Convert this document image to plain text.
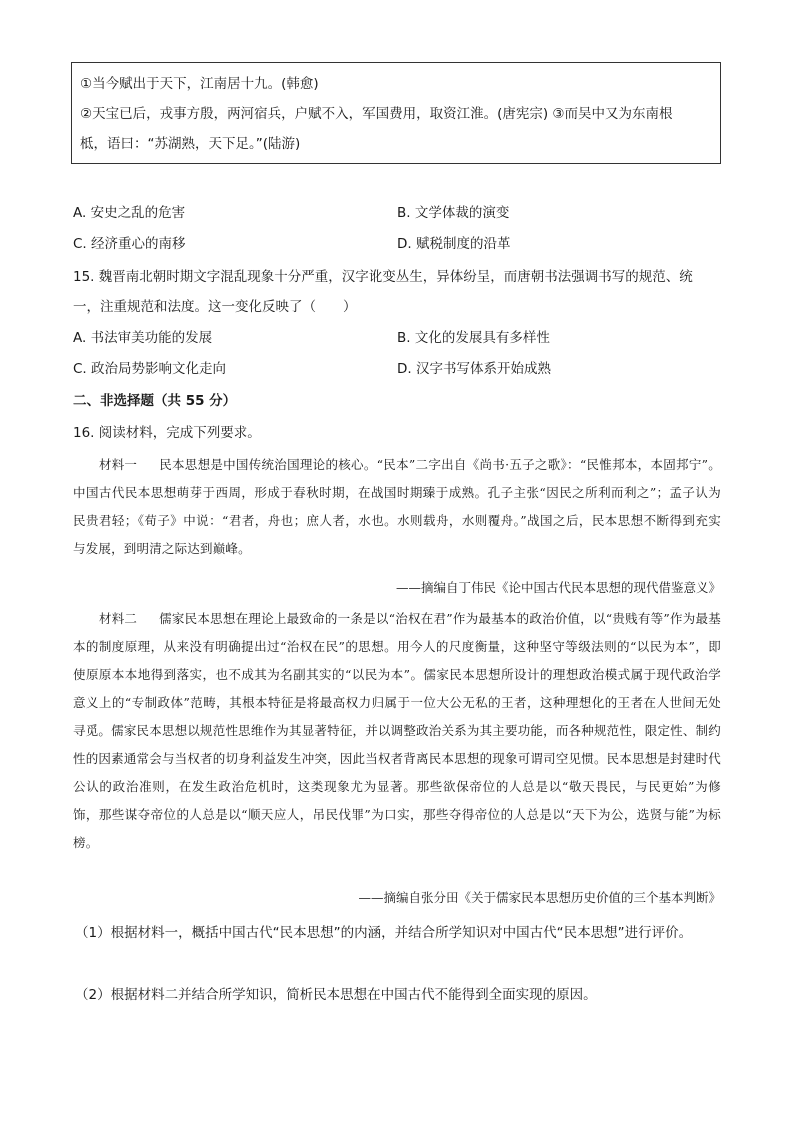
①当今赋出于天下，江南居十九。(韩愈)

②天宝已后，戎事方殷，两河宿兵，户赋不入，军国费用，取资江淮。(唐宪宗) ③而吴中又为东南根

柢，语曰：“苏湖熟，天下足。”(陆游)

A. 安史之乱的危害	B. 文学体裁的演变
C. 经济重心的南移	D. 赋税制度的沿革
15. 魏晋南北朝时期文字混乱现象十分严重，汉字讹变丛生，异体纷呈，而唐朝书法强调书写的规范、统
一，注重规范和法度。这一变化反映了（　　）
A. 书法审美功能的发展	B. 文化的发展具有多样性
C. 政治局势影响文化走向	D. 汉字书写体系开始成熟
二、非选择题（共 55 分）
16. 阅读材料，完成下列要求。

材料一 民本思想是中国传统治国理论的核心。“民本”二字出自《尚书·五子之歌》：“民惟邦本，本固邦宁”。中国古代民本思想萌芽于西周，形成于春秋时期，在战国时期臻于成熟。孔子主张“因民之所利而利之”；孟子认为民贵君轻；《荀子》中说：“君者，舟也；庶人者，水也。水则载舟，水则覆舟。”战国之后，民本思想不断得到充实与发展，到明清之际达到巅峰。

——摘编自丁伟民《论中国古代民本思想的现代借鉴意义》

材料二 儒家民本思想在理论上最致命的一条是以“治权在君”作为最基本的政治价值，以“贵贱有等”作为最基本的制度原理，从来没有明确提出过“治权在民”的思想。用今人的尺度衡量，这种坚守等级法则的“以民为本”，即使原原本本地得到落实，也不成其为名副其实的“以民为本”。儒家民本思想所设计的理想政治模式属于现代政治学意义上的“专制政体”范畴，其根本特征是将最高权力归属于一位大公无私的王者，这种理想化的王者在人世间无处寻觅。儒家民本思想以规范性思维作为其显著特征，并以调整政治关系为其主要功能，而各种规范性，限定性、制约性的因素通常会与当权者的切身利益发生冲突，因此当权者背离民本思想的现象可谓司空见惯。民本思想是封建时代公认的政治准则，在发生政治危机时，这类现象尤为显著。那些欲保帝位的人总是以“敬天畏民，与民更始”为修饰，那些谋夺帝位的人总是以“顺天应人，吊民伐罪”为口实，那些夺得帝位的人总是以“天下为公，选贤与能”为标榜。

——摘编自张分田《关于儒家民本思想历史价值的三个基本判断》

（1）根据材料一，概括中国古代“民本思想”的内涵，并结合所学知识对中国古代“民本思想”进行评价。

（2）根据材料二并结合所学知识，简析民本思想在中国古代不能得到全面实现的原因。
